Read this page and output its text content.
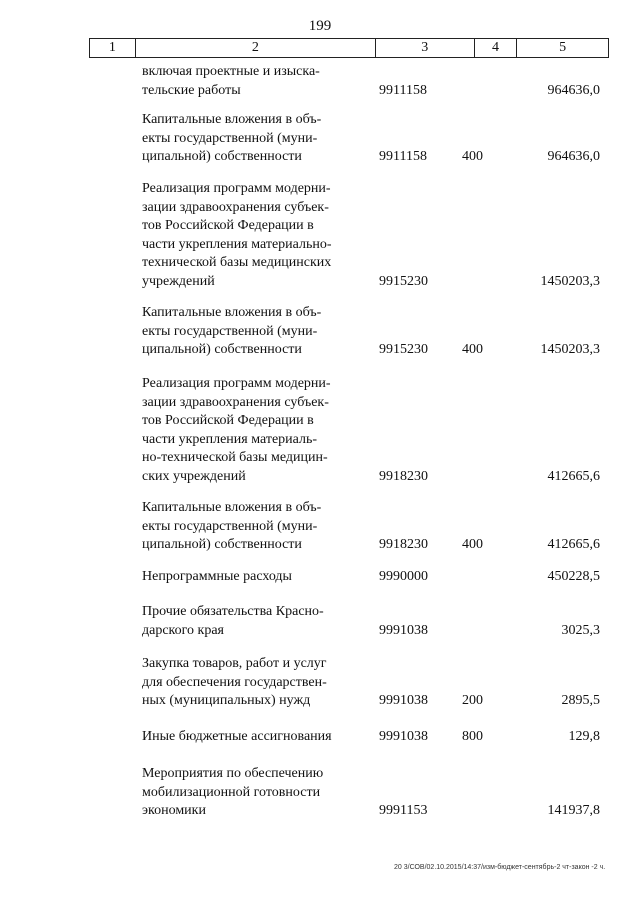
199
1	2	3	4	5
включая проектные и изыска-
тельские работы	9911158	964636,0
Капитальные вложения в объ-
екты государственной (муни-
ципальной) собственности	9911158	400	964636,0
Реализация программ модерни-
зации здравоохранения субъек-
тов Российской Федерации в
части укрепления материально-
технической базы медицинских
учреждений	9915230	1450203,3
Капитальные вложения в объ-
екты государственной (муни-
ципальной) собственности	9915230 400	1450203,3
Реализация программ модерни-
зации здравоохранения субъек-
тов Российской Федерации в
части укрепления материаль-
но-технической базы медицин-
ских учреждений	9918230	412665,6
Капитальные вложения в объ-
екты государственной (муни-
ципальной) собственности	9918230 400	412665,6
Непрограммные расходы	9990000	450228,5
Прочие обязательства Красно-
дарского края	9991038	3025,3
Закупка товаров, работ и услуг
для обеспечения государствен-
ных (муниципальных) нужд	9991038 200	2895,5
Иные бюджетные ассигнования	9991038 800	129,8
Мероприятия по обеспечению
мобилизационной готовности
экономики	9991153	141937,8
20 3/СОВ/02.10.2015/14:37/изм-бюджет-сентябрь-2 чт-закон -2 ч.
